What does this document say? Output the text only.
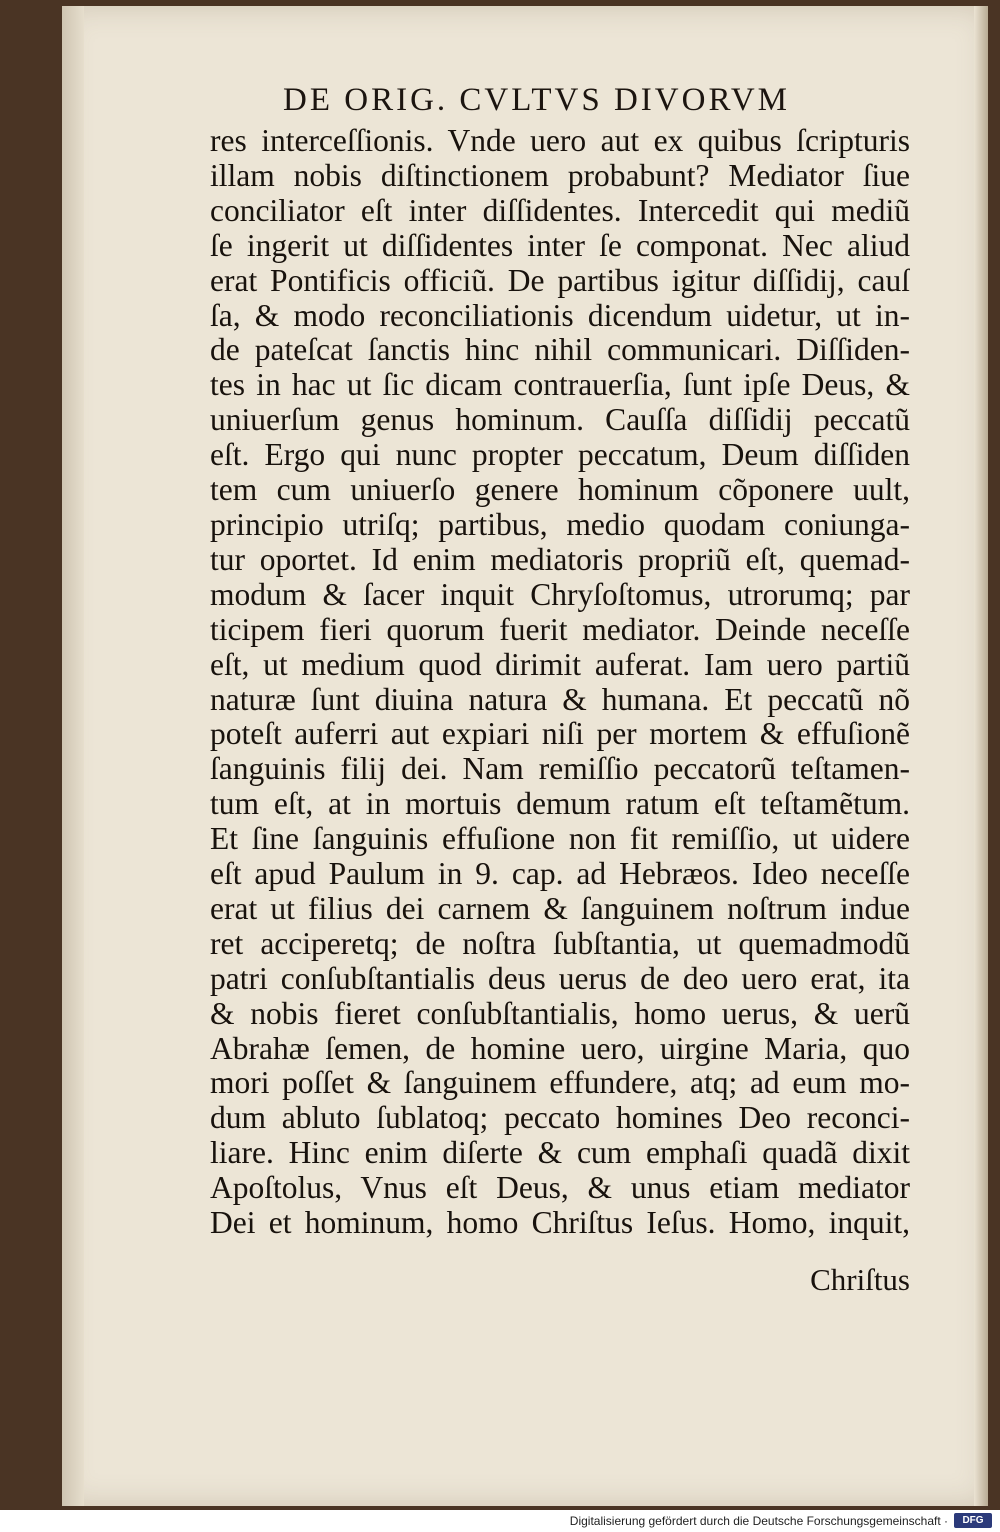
DE ORIG. CVLTVS DIVORVM
res interceſſionis. Vnde uero aut ex quibus ſcripturis
illam nobis diſtinctionem probabunt? Mediator ſiue
conciliator eſt inter diſſidentes. Intercedit qui mediũ
ſe ingerit ut diſſidentes inter ſe componat. Nec aliud
erat Pontificis officiũ. De partibus igitur diſſidij, cauſ
ſa, & modo reconciliationis dicendum uidetur, ut in-
de pateſcat ſanctis hinc nihil communicari. Diſſiden-
tes in hac ut ſic dicam contrauerſia, ſunt ipſe Deus, &
uniuerſum genus hominum. Cauſſa diſſidij peccatũ
eſt. Ergo qui nunc propter peccatum, Deum diſſiden
tem cum uniuerſo genere hominum cõponere uult,
principio utriſq; partibus, medio quodam coniunga-
tur oportet. Id enim mediatoris propriũ eſt, quemad-
modum & ſacer inquit Chryſoſtomus, utrorumq; par
ticipem fieri quorum fuerit mediator. Deinde neceſſe
eſt, ut medium quod dirimit auferat. Iam uero partiũ
naturæ ſunt diuina natura & humana. Et peccatũ nõ
poteſt auferri aut expiari niſi per mortem & effuſionẽ
ſanguinis filij dei. Nam remiſſio peccatorũ teſtamen-
tum eſt, at in mortuis demum ratum eſt teſtamẽtum.
Et ſine ſanguinis effuſione non fit remiſſio, ut uidere
eſt apud Paulum in 9. cap. ad Hebræos. Ideo neceſſe
erat ut filius dei carnem & ſanguinem noſtrum indue
ret acciperetq; de noſtra ſubſtantia, ut quemadmodũ
patri conſubſtantialis deus uerus de deo uero erat, ita
& nobis fieret conſubſtantialis, homo uerus, & uerũ
Abrahæ ſemen, de homine uero, uirgine Maria, quo
mori poſſet & ſanguinem effundere, atq; ad eum mo-
dum abluto ſublatoq; peccato homines Deo reconci-
liare. Hinc enim diſerte & cum emphaſi quadã dixit
Apoſtolus, Vnus eſt Deus, & unus etiam mediator
Dei et hominum, homo Chriſtus Ieſus. Homo, inquit,
Chriſtus
Digitalisierung gefördert durch die Deutsche Forschungsgemeinschaft ·	DFG
